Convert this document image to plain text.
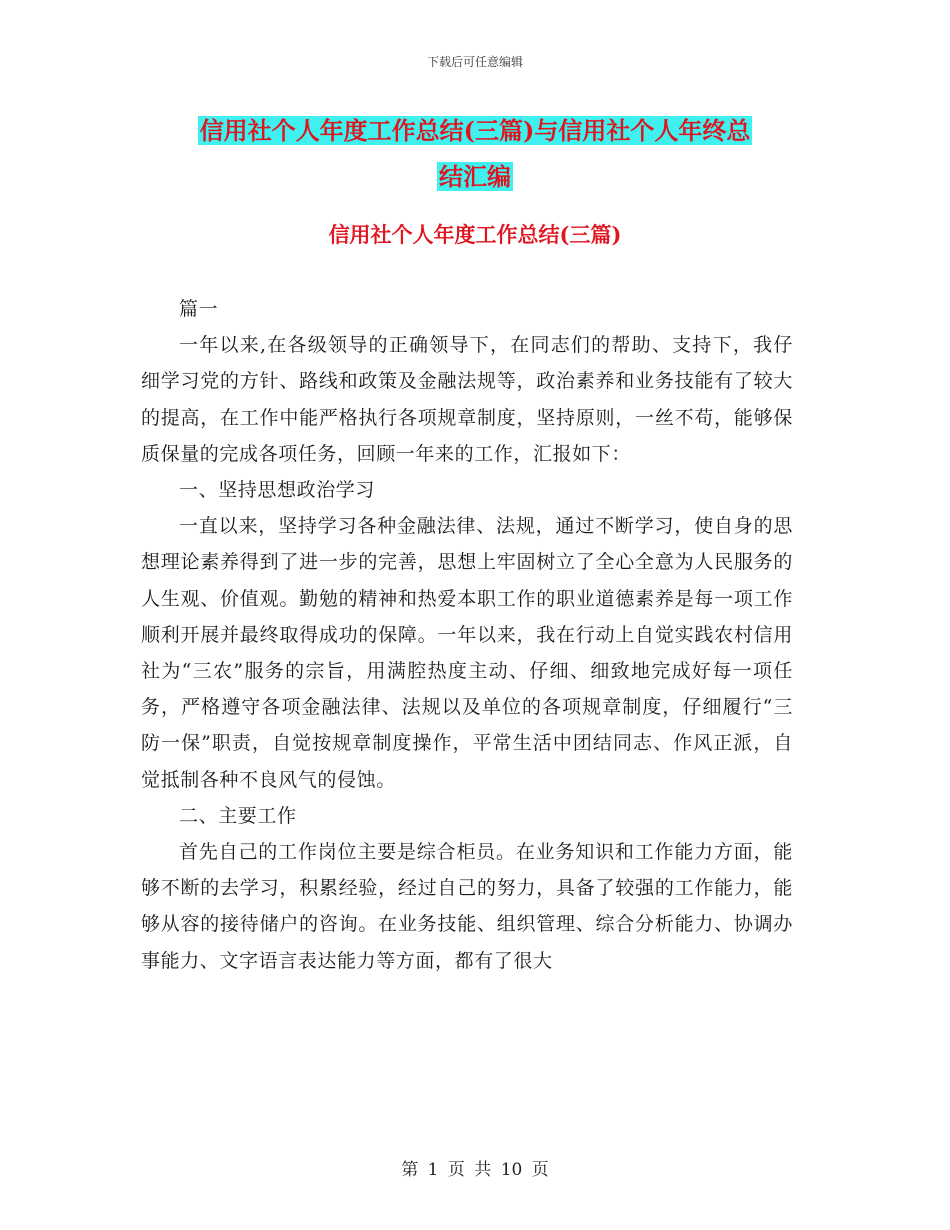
下载后可任意编辑
信用社个人年度工作总结(三篇)与信用社个人年终总
结汇编
信用社个人年度工作总结(三篇)

篇一

一年以来,在各级领导的正确领导下，在同志们的帮助、支持下，我仔细学习党的方针、路线和政策及金融法规等，政治素养和业务技能有了较大的提高，在工作中能严格执行各项规章制度，坚持原则，一丝不苟，能够保质保量的完成各项任务，回顾一年来的工作，汇报如下：

一、坚持思想政治学习

一直以来，坚持学习各种金融法律、法规，通过不断学习，使自身的思想理论素养得到了进一步的完善，思想上牢固树立了全心全意为人民服务的人生观、价值观。勤勉的精神和热爱本职工作的职业道德素养是每一项工作顺利开展并最终取得成功的保障。一年以来，我在行动上自觉实践农村信用社为“三农”服务的宗旨，用满腔热度主动、仔细、细致地完成好每一项任务，严格遵守各项金融法律、法规以及单位的各项规章制度，仔细履行“三防一保”职责，自觉按规章制度操作，平常生活中团结同志、作风正派，自觉抵制各种不良风气的侵蚀。

二、主要工作

首先自己的工作岗位主要是综合柜员。在业务知识和工作能力方面，能够不断的去学习，积累经验，经过自己的努力，具备了较强的工作能力，能够从容的接待储户的咨询。在业务技能、组织管理、综合分析能力、协调办事能力、文字语言表达能力等方面，都有了很大

第 1 页 共 10 页
